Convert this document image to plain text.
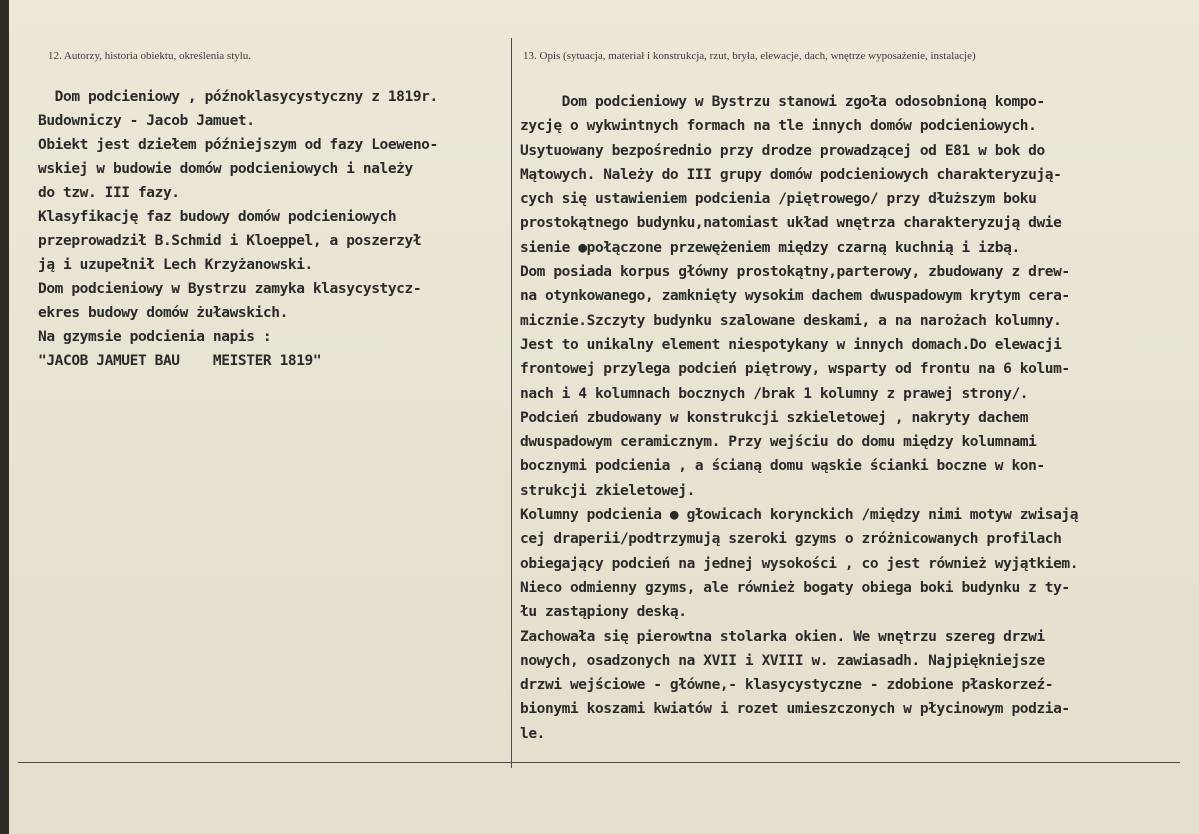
12. Autorzy, historia obiektu, określenia stylu.	13. Opis (sytuacja, materiał i konstrukcja, rzut, bryła, elewacje, dach, wnętrze wyposażenie, instalacje)
Dom podcieniowy , późnoklasycystyczny z 1819r.
Budowniczy - Jacob Jamuet.
Obiekt jest dziełem późniejszym od fazy Loeweno-
wskiej w budowie domów podcieniowych i należy
do tzw. III fazy.
Klasyfikację faz budowy domów podcieniowych
przeprowadził B.Schmid i Kloeppel, a poszerzył
ją i uzupełnił Lech Krzyżanowski.
Dom podcieniowy w Bystrzu zamyka klasycystycz-
ekres budowy domów żuławskich.
Na gzymsie podcienia napis :
"JACOB JAMUET BAU    MEISTER 1819"
Dom podcieniowy w Bystrzu stanowi zgoła odosobnioną kompo-
zycję o wykwintnych formach na tle innych domów podcieniowych.
Usytuowany bezpośrednio przy drodze prowadzącej od E81 w bok do
Mątowych. Należy do III grupy domów podcieniowych charakteryzują-
cych się ustawieniem podcienia /piętrowego/ przy dłuższym boku
prostokątnego budynku,natomiast układ wnętrza charakteryzują dwie
sienie ●połączone przewężeniem między czarną kuchnią i izbą.
Dom posiada korpus główny prostokątny,parterowy, zbudowany z drew-
na otynkowanego, zamknięty wysokim dachem dwuspadowym krytym cera-
micznie.Szczyty budynku szalowane deskami, a na narożach kolumny.
Jest to unikalny element niespotykany w innych domach.Do elewacji
frontowej przylega podcień piętrowy, wsparty od frontu na 6 kolum-
nach i 4 kolumnach bocznych /brak 1 kolumny z prawej strony/.
Podcień zbudowany w konstrukcji szkieletowej , nakryty dachem
dwuspadowym ceramicznym. Przy wejściu do domu między kolumnami
bocznymi podcienia , a ścianą domu wąskie ścianki boczne w kon-
strukcji zkieletowej.
Kolumny podcienia ● głowicach korynckich /między nimi motyw zwisają
cej draperii/podtrzymują szeroki gzyms o zróżnicowanych profilach
obiegający podcień na jednej wysokości , co jest również wyjątkiem.
Nieco odmienny gzyms, ale również bogaty obiega boki budynku z ty-
łu zastąpiony deską.
Zachowała się pierowtna stolarka okien. We wnętrzu szereg drzwi
nowych, osadzonych na XVII i XVIII w. zawiasadh. Najpiękniejsze
drzwi wejściowe - główne,- klasycystyczne - zdobione płaskorzeź-
bionymi koszami kwiatów i rozet umieszczonych w płycinowym podzia-
le.
